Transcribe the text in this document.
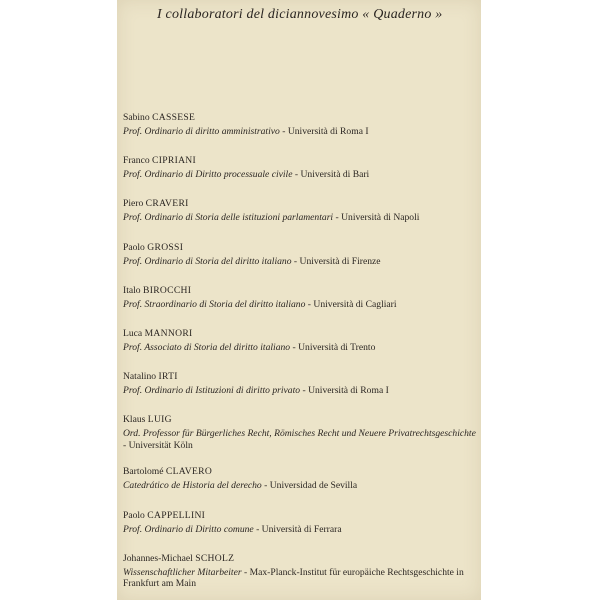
I collaboratori del diciannovesimo « Quaderno »
Sabino CASSESE
Prof. Ordinario di diritto amministrativo - Università di Roma I
Franco CIPRIANI
Prof. Ordinario di Diritto processuale civile - Università di Bari
Piero CRAVERI
Prof. Ordinario di Storia delle istituzioni parlamentari - Università di Napoli
Paolo GROSSI
Prof. Ordinario di Storia del diritto italiano - Università di Firenze
Italo BIROCCHI
Prof. Straordinario di Storia del diritto italiano - Università di Cagliari
Luca MANNORI
Prof. Associato di Storia del diritto italiano - Università di Trento
Natalino IRTI
Prof. Ordinario di Istituzioni di diritto privato - Università di Roma I
Klaus LUIG
Ord. Professor für Bürgerliches Recht, Römisches Recht und Neuere Privatrechtsgeschichte - Universität Köln
Bartolomé CLAVERO
Catedrático de Historia del derecho - Universidad de Sevilla
Paolo CAPPELLINI
Prof. Ordinario di Diritto comune - Università di Ferrara
Johannes-Michael SCHOLZ
Wissenschaftlicher Mitarbeiter - Max-Planck-Institut für europäiche Rechtsgeschichte in Frankfurt am Main
